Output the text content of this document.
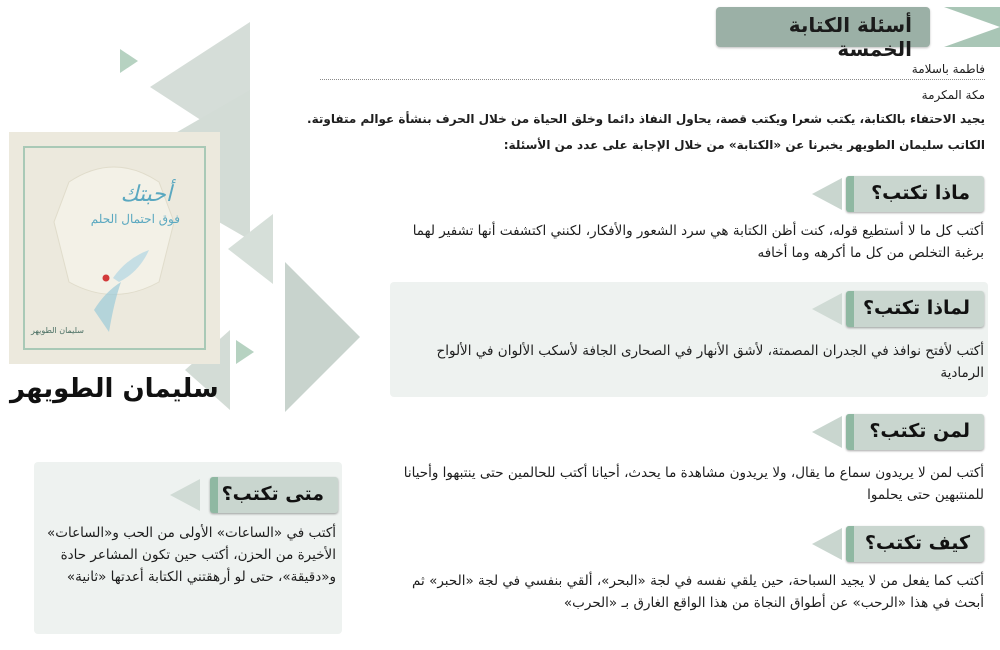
أسئلة الكتابة الخمسة
فاطمة باسلامة
مكة المكرمة
يجيد الاحتفاء بالكتابة، يكتب شعرا ويكتب قصة، يحاول النفاذ دائما وخلق الحياة من خلال الحرف بنشأة عوالم متفاوتة. الكاتب سليمان الطويهر يخبرنا عن «الكتابة» من خلال الإجابة على عدد من الأسئلة:
ماذا تكتب؟
أكتب كل ما لا أستطيع قوله، كنت أظن الكتابة هي سرد الشعور والأفكار، لكنني اكتشفت أنها تشفير لهما برغبة التخلص من كل ما أكرهه وما أخافه
لماذا تكتب؟
أكتب لأفتح نوافذ في الجدران المصمتة، لأشق الأنهار في الصحارى الجافة لأسكب الألوان في الألواح الرمادية
لمن تكتب؟
أكتب لمن لا يريدون سماع ما يقال، ولا يريدون مشاهدة ما يحدث، أحيانا أكتب للحالمين حتى ينتبهوا وأحيانا للمنتبهين حتى يحلموا
كيف تكتب؟
أكتب كما يفعل من لا يجيد السباحة، حين يلقي نفسه في لجة «البحر»، ألقي بنفسي في لجة «الحبر» ثم أبحث في هذا «الرحب» عن أطواق النجاة من هذا الواقع الغارق بـ «الحرب»
متى تكتب؟
أكتب في «الساعات» الأولى من الحب و«الساعات» الأخيرة من الحزن، أكتب حين تكون المشاعر حادة و«دقيقة»، حتى لو أرهقتني الكتابة أعدتها «ثانية»
أحبتك
فوق احتمال الحلم
سليمان الطويهر
سليمان الطويهر
